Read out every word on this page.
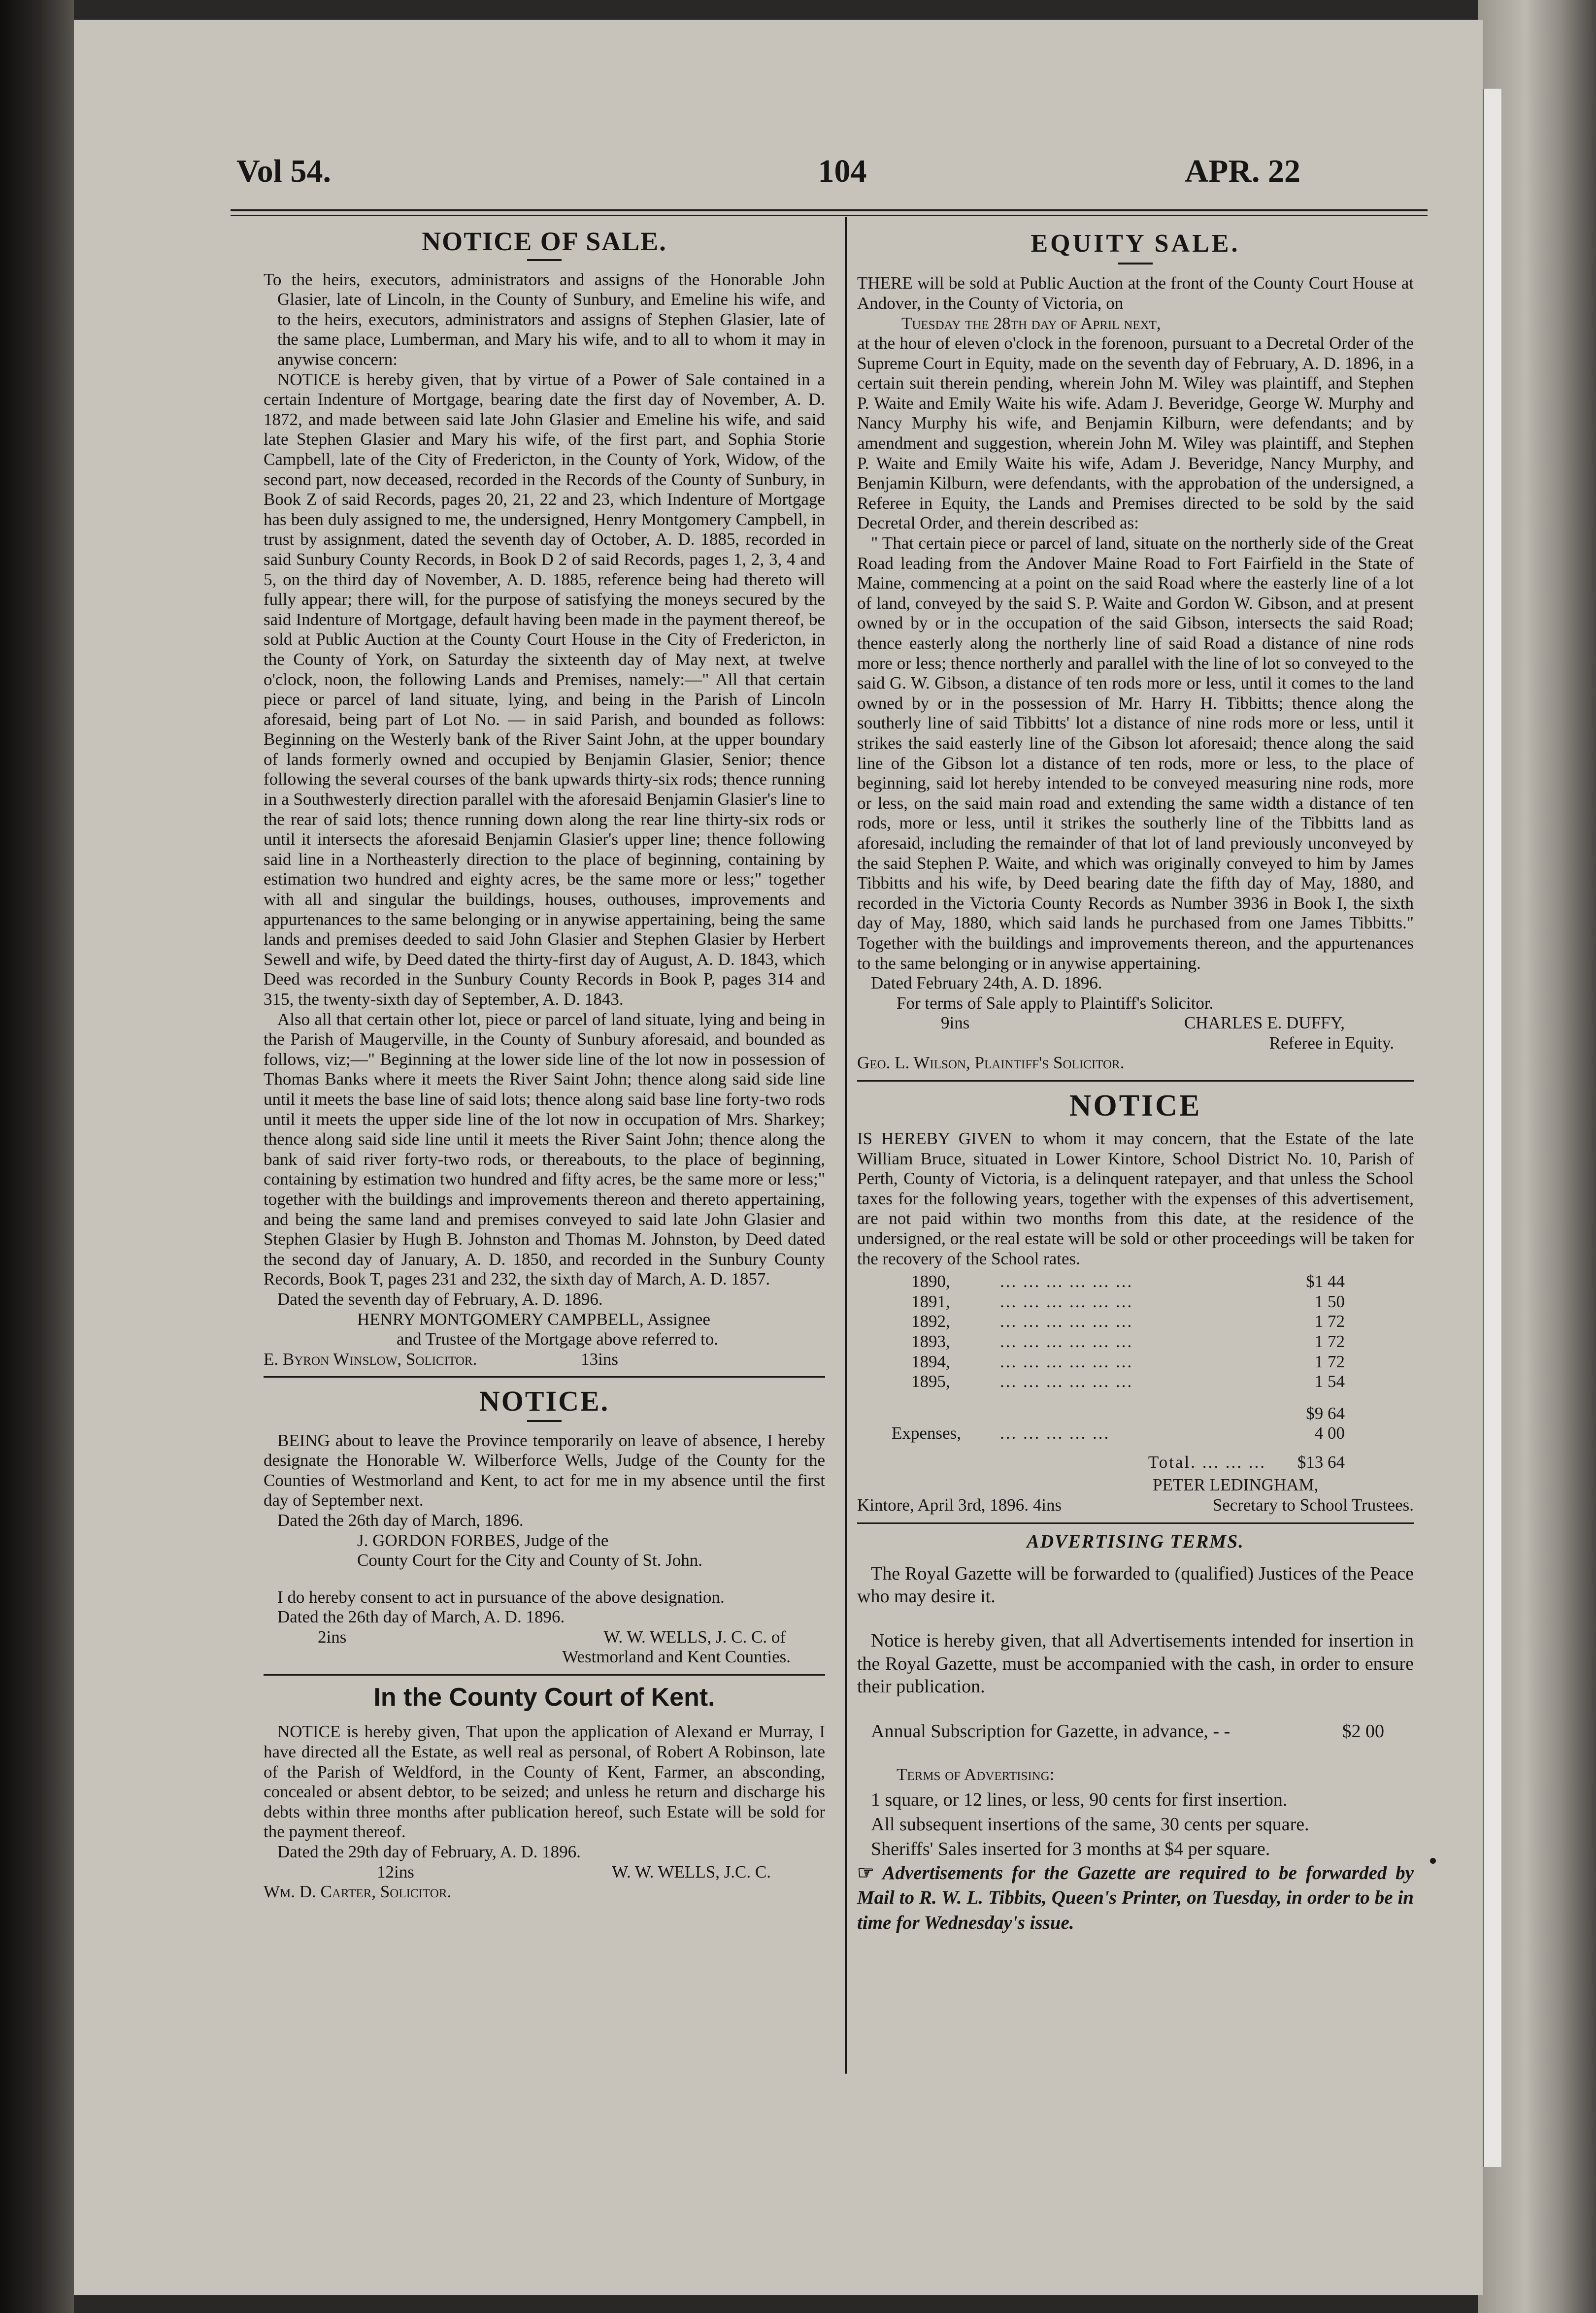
Vol 54.	104	APR. 22
NOTICE OF SALE.

To the heirs, executors, administrators and assigns of the Honorable John Glasier, late of Lincoln, in the County of Sunbury, and Emeline his wife, and to the heirs, executors, administrators and assigns of Stephen Glasier, late of the same place, Lumberman, and Mary his wife, and to all to whom it may in anywise concern:

NOTICE is hereby given, that by virtue of a Power of Sale contained in a certain Indenture of Mortgage, bearing date the first day of November, A. D. 1872, and made between said late John Glasier and Emeline his wife, and said late Stephen Glasier and Mary his wife, of the first part, and Sophia Storie Campbell, late of the City of Fredericton, in the County of York, Widow, of the second part, now deceased, recorded in the Records of the County of Sunbury, in Book Z of said Records, pages 20, 21, 22 and 23, which Indenture of Mortgage has been duly assigned to me, the undersigned, Henry Montgomery Campbell, in trust by assignment, dated the seventh day of October, A. D. 1885, recorded in said Sunbury County Records, in Book D 2 of said Records, pages 1, 2, 3, 4 and 5, on the third day of November, A. D. 1885, reference being had thereto will fully appear; there will, for the purpose of satisfying the moneys secured by the said Indenture of Mortgage, default having been made in the payment thereof, be sold at Public Auction at the County Court House in the City of Fredericton, in the County of York, on Saturday the sixteenth day of May next, at twelve o'clock, noon, the following Lands and Premises, namely:—" All that certain piece or parcel of land situate, lying, and being in the Parish of Lincoln aforesaid, being part of Lot No. — in said Parish, and bounded as follows: Beginning on the Westerly bank of the River Saint John, at the upper boundary of lands formerly owned and occupied by Benjamin Glasier, Senior; thence following the several courses of the bank upwards thirty-six rods; thence running in a Southwesterly direction parallel with the aforesaid Benjamin Glasier's line to the rear of said lots; thence running down along the rear line thirty-six rods or until it intersects the aforesaid Benjamin Glasier's upper line; thence following said line in a Northeasterly direction to the place of beginning, containing by estimation two hundred and eighty acres, be the same more or less;" together with all and singular the buildings, houses, outhouses, improvements and appurtenances to the same belonging or in anywise appertaining, being the same lands and premises deeded to said John Glasier and Stephen Glasier by Herbert Sewell and wife, by Deed dated the thirty-first day of August, A. D. 1843, which Deed was recorded in the Sunbury County Records in Book P, pages 314 and 315, the twenty-sixth day of September, A. D. 1843.

Also all that certain other lot, piece or parcel of land situate, lying and being in the Parish of Maugerville, in the County of Sunbury aforesaid, and bounded as follows, viz;—" Beginning at the lower side line of the lot now in possession of Thomas Banks where it meets the River Saint John; thence along said side line until it meets the base line of said lots; thence along said base line forty-two rods until it meets the upper side line of the lot now in occupation of Mrs. Sharkey; thence along said side line until it meets the River Saint John; thence along the bank of said river forty-two rods, or thereabouts, to the place of beginning, containing by estimation two hundred and fifty acres, be the same more or less;" together with the buildings and improvements thereon and thereto appertaining, and being the same land and premises conveyed to said late John Glasier and Stephen Glasier by Hugh B. Johnston and Thomas M. Johnston, by Deed dated the second day of January, A. D. 1850, and recorded in the Sunbury County Records, Book T, pages 231 and 232, the sixth day of March, A. D. 1857.

Dated the seventh day of February, A. D. 1896.

HENRY MONTGOMERY CAMPBELL, Assignee

and Trustee of the Mortgage above referred to.

E. Byron Winslow, Solicitor.	13ins
NOTICE.

BEING about to leave the Province temporarily on leave of absence, I hereby designate the Honorable W. Wilberforce Wells, Judge of the County for the Counties of Westmorland and Kent, to act for me in my absence until the first day of September next.

Dated the 26th day of March, 1896.

J. GORDON FORBES, Judge of the

County Court for the City and County of St. John.

I do hereby consent to act in pursuance of the above designation.

Dated the 26th day of March, A. D. 1896.

2ins	W. W. WELLS, J. C. C. of

Westmorland and Kent Counties.

In the County Court of Kent.

NOTICE is hereby given, That upon the application of Alexand er Murray, I have directed all the Estate, as well real as personal, of Robert A Robinson, late of the Parish of Weldford, in the County of Kent, Farmer, an absconding, concealed or absent debtor, to be seized; and unless he return and discharge his debts within three months after publication hereof, such Estate will be sold for the payment thereof.

Dated the 29th day of February, A. D. 1896.

12ins	W. W. WELLS, J.C. C.

Wm. D. Carter, Solicitor.

EQUITY SALE.

THERE will be sold at Public Auction at the front of the County Court House at Andover, in the County of Victoria, on

Tuesday the 28th day of April next,

at the hour of eleven o'clock in the forenoon, pursuant to a Decretal Order of the Supreme Court in Equity, made on the seventh day of February, A. D. 1896, in a certain suit therein pending, wherein John M. Wiley was plaintiff, and Stephen P. Waite and Emily Waite his wife. Adam J. Beveridge, George W. Murphy and Nancy Murphy his wife, and Benjamin Kilburn, were defendants; and by amendment and suggestion, wherein John M. Wiley was plaintiff, and Stephen P. Waite and Emily Waite his wife, Adam J. Beveridge, Nancy Murphy, and Benjamin Kilburn, were defendants, with the approbation of the undersigned, a Referee in Equity, the Lands and Premises directed to be sold by the said Decretal Order, and therein described as:

" That certain piece or parcel of land, situate on the northerly side of the Great Road leading from the Andover Maine Road to Fort Fairfield in the State of Maine, commencing at a point on the said Road where the easterly line of a lot of land, conveyed by the said S. P. Waite and Gordon W. Gibson, and at present owned by or in the occupation of the said Gibson, intersects the said Road; thence easterly along the northerly line of said Road a distance of nine rods more or less; thence northerly and parallel with the line of lot so conveyed to the said G. W. Gibson, a distance of ten rods more or less, until it comes to the land owned by or in the possession of Mr. Harry H. Tibbitts; thence along the southerly line of said Tibbitts' lot a distance of nine rods more or less, until it strikes the said easterly line of the Gibson lot aforesaid; thence along the said line of the Gibson lot a distance of ten rods, more or less, to the place of beginning, said lot hereby intended to be conveyed measuring nine rods, more or less, on the said main road and extending the same width a distance of ten rods, more or less, until it strikes the southerly line of the Tibbitts land as aforesaid, including the remainder of that lot of land previously unconveyed by the said Stephen P. Waite, and which was originally conveyed to him by James Tibbitts and his wife, by Deed bearing date the fifth day of May, 1880, and recorded in the Victoria County Records as Number 3936 in Book I, the sixth day of May, 1880, which said lands he purchased from one James Tibbitts." Together with the buildings and improvements thereon, and the appurtenances to the same belonging or in anywise appertaining.

Dated February 24th, A. D. 1896.

For terms of Sale apply to Plaintiff's Solicitor.

9ins	CHARLES E. DUFFY,

Referee in Equity.

Geo. L. Wilson, Plaintiff's Solicitor.

NOTICE

IS HEREBY GIVEN to whom it may concern, that the Estate of the late William Bruce, situated in Lower Kintore, School District No. 10, Parish of Perth, County of Victoria, is a delinquent ratepayer, and that unless the School taxes for the following years, together with the expenses of this advertisement, are not paid within two months from this date, at the residence of the undersigned, or the real estate will be sold or other proceedings will be taken for the recovery of the School rates.

1890,	... ... ... ... ... ...	$1 44
1891,	... ... ... ... ... ...	1 50
1892,	... ... ... ... ... ...	1 72
1893,	... ... ... ... ... ...	1 72
1894,	... ... ... ... ... ...	1 72
1895,	... ... ... ... ... ...	1 54
$9 64
Expenses,	... ... ... ... ...	4 00
Total. ... ... ...	$13 64

PETER LEDINGHAM,

Kintore, April 3rd, 1896. 4ins	Secretary to School Trustees.
ADVERTISING TERMS.

The Royal Gazette will be forwarded to (qualified) Justices of the Peace who may desire it.

Notice is hereby given, that all Advertisements intended for insertion in the Royal Gazette, must be accompanied with the cash, in order to ensure their publication.

Annual Subscription for Gazette, in advance, - -	$2 00

Terms of Advertising:

1 square, or 12 lines, or less, 90 cents for first insertion.

All subsequent insertions of the same, 30 cents per square.

Sheriffs' Sales inserted for 3 months at $4 per square.

☞ Advertisements for the Gazette are required to be forwarded by Mail to R. W. L. Tibbits, Queen's Printer, on Tuesday, in order to be in time for Wednesday's issue.
